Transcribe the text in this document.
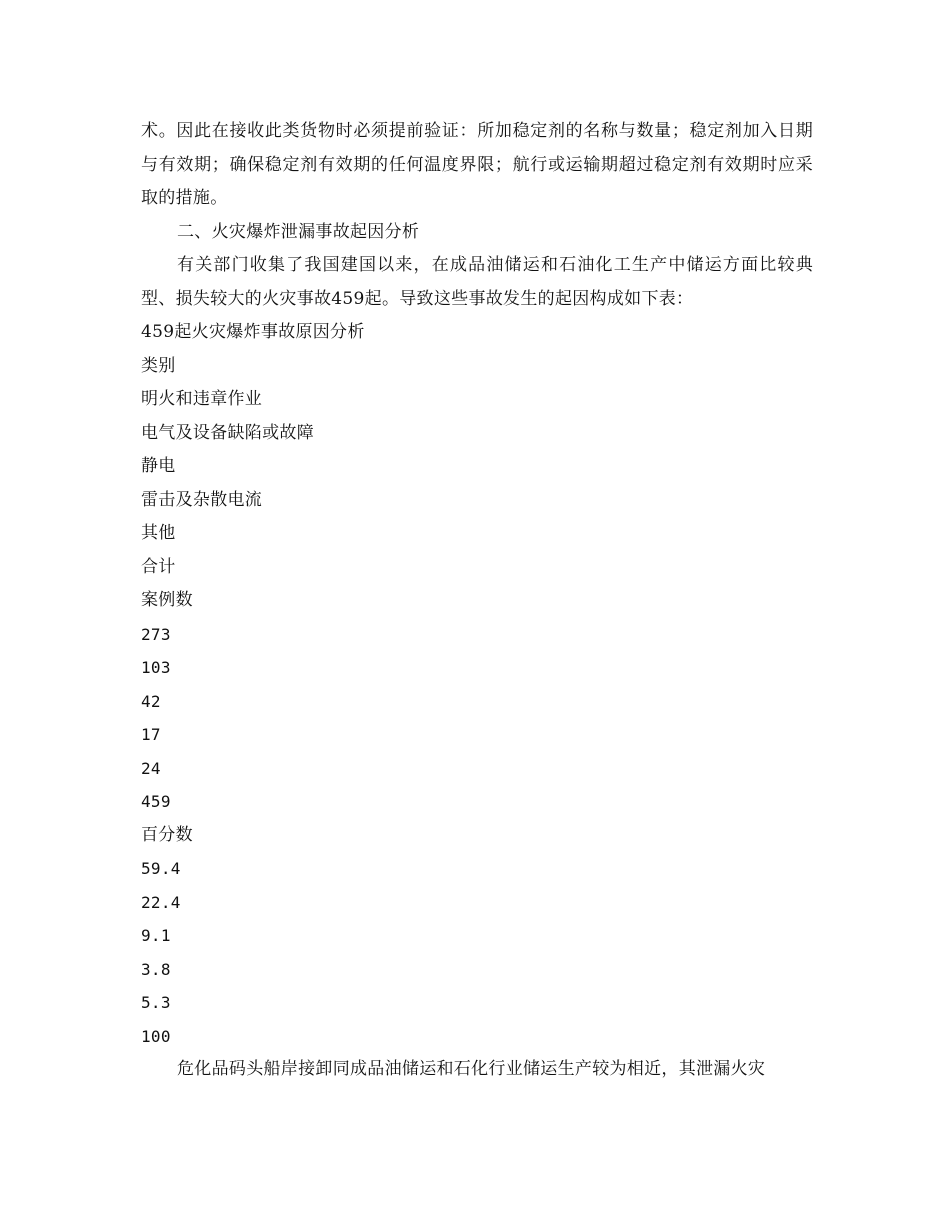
术。因此在接收此类货物时必须提前验证：所加稳定剂的名称与数量；稳定剂加入日期与有效期；确保稳定剂有效期的任何温度界限；航行或运输期超过稳定剂有效期时应采取的措施。

二、火灾爆炸泄漏事故起因分析

有关部门收集了我国建国以来，在成品油储运和石油化工生产中储运方面比较典型、损失较大的火灾事故459起。导致这些事故发生的起因构成如下表：

459起火灾爆炸事故原因分析

类别

明火和违章作业

电气及设备缺陷或故障

静电

雷击及杂散电流

其他

合计

案例数

273

103

42

17

24

459

百分数

59.4

22.4

9.1

3.8

5.3

100

危化品码头船岸接卸同成品油储运和石化行业储运生产较为相近，其泄漏火灾
